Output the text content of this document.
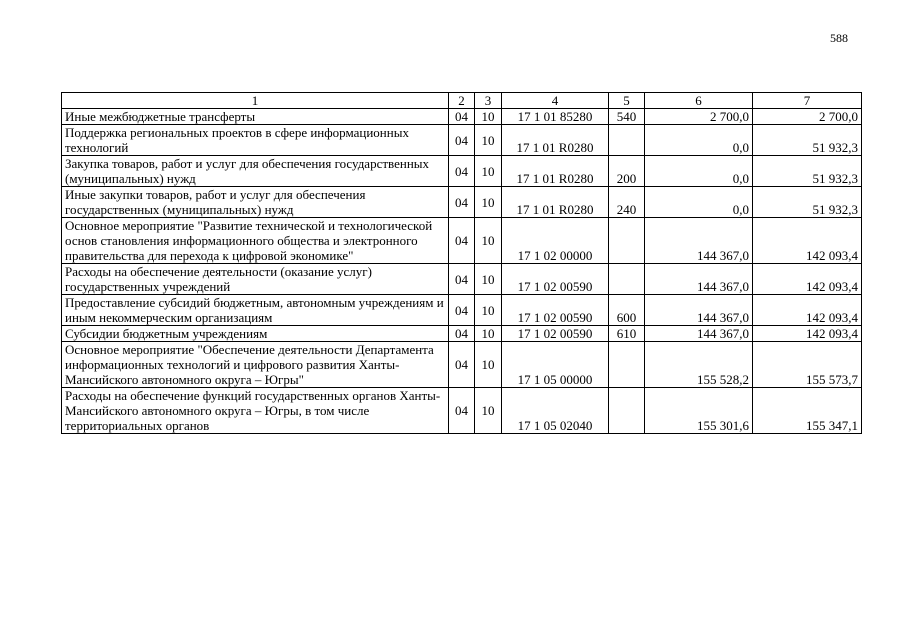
588
1	2	3	4	5	6	7
Иные межбюджетные трансферты	04	10	17 1 01 85280	540	2 700,0	2 700,0
Поддержка региональных проектов в сфере информационных технологий	04	10	17 1 01 R0280		0,0	51 932,3
Закупка товаров, работ и услуг для обеспечения государственных (муниципальных) нужд	04	10	17 1 01 R0280	200	0,0	51 932,3
Иные закупки товаров, работ и услуг для обеспечения государственных (муниципальных) нужд	04	10	17 1 01 R0280	240	0,0	51 932,3
Основное мероприятие "Развитие технической и технологической основ становления информационного общества и электронного правительства для перехода к цифровой экономике"	04	10	17 1 02 00000		144 367,0	142 093,4
Расходы на обеспечение деятельности (оказание услуг) государственных учреждений	04	10	17 1 02 00590		144 367,0	142 093,4
Предоставление субсидий бюджетным, автономным учреждениям и иным некоммерческим организациям	04	10	17 1 02 00590	600	144 367,0	142 093,4
Субсидии бюджетным учреждениям	04	10	17 1 02 00590	610	144 367,0	142 093,4
Основное мероприятие "Обеспечение деятельности Департамента информационных технологий и цифрового развития Ханты-Мансийского автономного округа – Югры"	04	10	17 1 05 00000		155 528,2	155 573,7
Расходы на обеспечение функций государственных органов Ханты-Мансийского автономного округа – Югры, в том числе территориальных органов	04	10	17 1 05 02040		155 301,6	155 347,1
